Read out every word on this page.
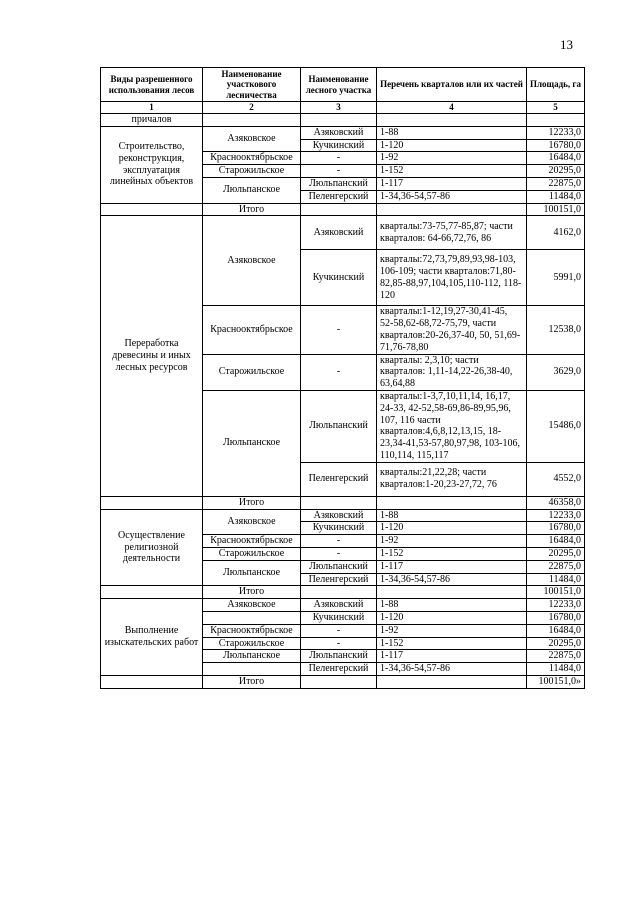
13
Виды разрешенного использования лесов	Наименование участкового лесничества	Наименование лесного участка	Перечень кварталов или их частей	Площадь, га
1	2	3	4	5
причалов				
Строительство, реконструкция, эксплуатация линейных объектов	Азяковское	Азяковский	1-88	12233,0
		Кучкинский	1-120	16780,0
	Краснооктябрьское	-	1-92	16484,0
	Старожильское	-	1-152	20295,0
	Люльпанское	Люльпанский	1-117	22875,0
		Пелeнгерский	1-34,36-54,57-86	11484,0
	Итого			100151,0
Переработка древесины и иных лесных ресурсов	Азяковское	Азяковский	кварталы:73-75,77-85,87; части кварталов: 64-66,72,76, 86	4162,0
		Кучкинский	кварталы:72,73,79,89,93,98-103, 106-109; части кварталов:71,80-82,85-88,97,104,105,110-112, 118-120	5991,0
	Краснооктябрьское	-	кварталы:1-12,19,27-30,41-45, 52-58,62-68,72-75,79, части кварталов:20-26,37-40, 50, 51,69-71,76-78,80	12538,0
	Старожильское	-	кварталы: 2,3,10; части кварталов: 1,11-14,22-26,38-40, 63,64,88	3629,0
	Люльпанское	Люльпанский	кварталы:1-3,7,10,11,14, 16,17, 24-33, 42-52,58-69,86-89,95,96, 107, 116 части кварталов:4,6,8,12,13,15, 18-23,34-41,53-57,80,97,98, 103-106, 110,114, 115,117	15486,0
		Пелeнгерский	кварталы:21,22,28; части кварталов:1-20,23-27,72, 76	4552,0
	Итого			46358,0
Осуществление религиозной деятельности	Азяковское	Азяковский	1-88	12233,0
		Кучкинский	1-120	16780,0
	Краснооктябрьское	-	1-92	16484,0
	Старожильское	-	1-152	20295,0
	Люльпанское	Люльпанский	1-117	22875,0
		Пелeнгерский	1-34,36-54,57-86	11484,0
	Итого			100151,0
Выполнение изыскательских работ	Азяковское	Азяковский	1-88	12233,0
		Кучкинский	1-120	16780,0
	Краснооктябрьское	-	1-92	16484,0
	Старожильское	-	1-152	20295,0
	Люльпанское	Люльпанский	1-117	22875,0
		Пелeнгерский	1-34,36-54,57-86	11484,0
	Итого			100151,0»
